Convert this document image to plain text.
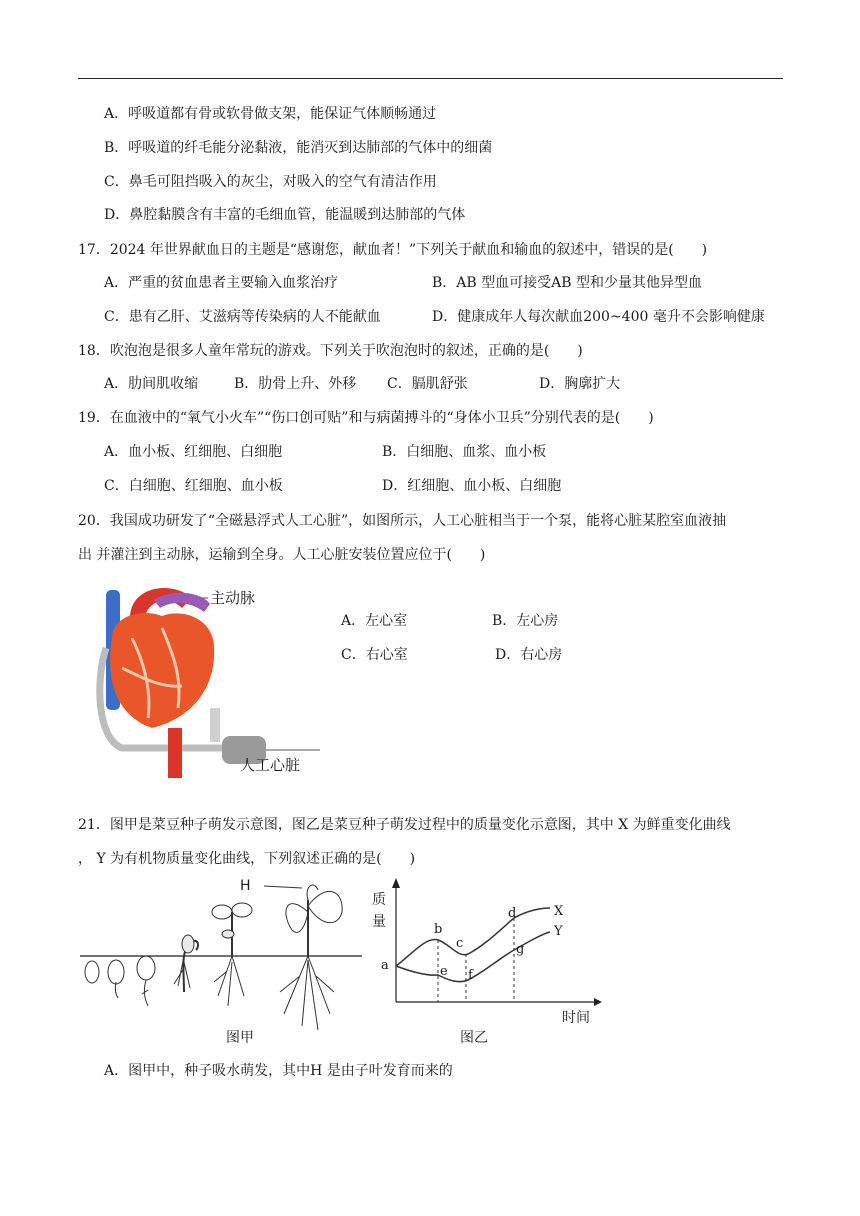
A．呼吸道都有骨或软骨做支架，能保证气体顺畅通过
B．呼吸道的纤毛能分泌黏液，能消灭到达肺部的气体中的细菌
C．鼻毛可阻挡吸入的灰尘，对吸入的空气有清洁作用
D．鼻腔黏膜含有丰富的毛细血管，能温暖到达肺部的气体
17．2024 年世界献血日的主题是“感谢您，献血者！”下列关于献血和输血的叙述中，错误的是(　　)
A．严重的贫血患者主要输入血浆治疗	B．AB 型血可接受AB 型和少量其他异型血
C．患有乙肝、艾滋病等传染病的人不能献血	D．健康成年人每次献血200~400 毫升不会影响健康
18．吹泡泡是很多人童年常玩的游戏。下列关于吹泡泡时的叙述，正确的是(　　)
A．肋间肌收缩	B．肋骨上升、外移 C．膈肌舒张	D．胸廓扩大
19．在血液中的“氧气小火车”“伤口创可贴”和与病菌搏斗的“身体小卫兵”分别代表的是(　　)
A．血小板、红细胞、白细胞	B．白细胞、血浆、血小板
C．白细胞、红细胞、血小板	D．红细胞、血小板、白细胞
20．我国成功研发了“全磁悬浮式人工心脏”，如图所示，人工心脏相当于一个泵，能将心脏某腔室血液抽
出 并灌注到主动脉，运输到全身。人工心脏安装位置应位于(　　)
主动脉
人工心脏
A．左心室	B．左心房
C．右心室	D．右心房
21．图甲是菜豆种子萌发示意图，图乙是菜豆种子萌发过程中的质量变化示意图，其中 X 为鲜重变化曲线
， Y 为有机物质量变化曲线，下列叙述正确的是(　　)
H
图甲
质
量
a
b
c
d
e f
g
X
Y
时间
图乙
A．图甲中，种子吸水萌发，其中H 是由子叶发育而来的
